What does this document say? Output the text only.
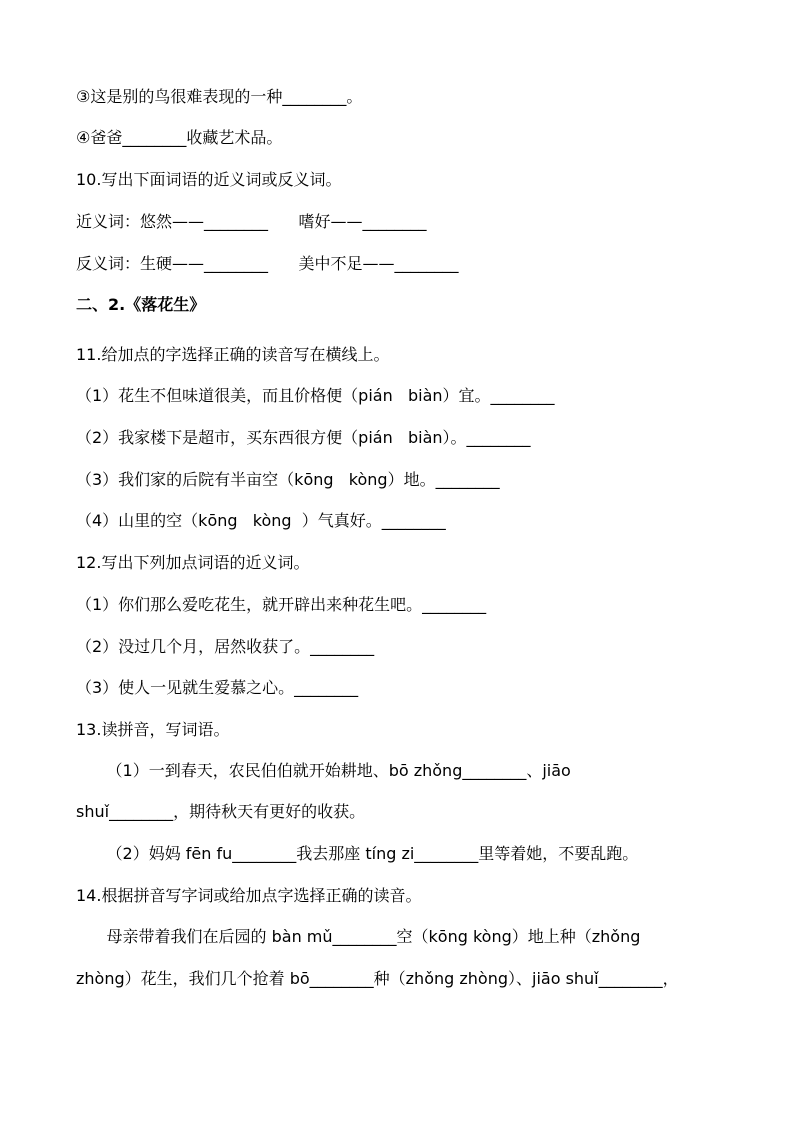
③这是别的鸟很难表现的一种________。
④爸爸________收藏艺术品。
10.写出下面词语的近义词或反义词。
近义词：悠然——________      嗜好——________
反义词：生硬——________      美中不足——________
二、2.《落花生》
11.给加点的字选择正确的读音写在横线上。
（1）花生不但味道很美，而且价格便（pián   biàn）宜。________
（2）我家楼下是超市，买东西很方便（pián   biàn）。________
（3）我们家的后院有半亩空（kōng   kòng）地。________
（4）山里的空（kōng   kòng  ）气真好。________
12.写出下列加点词语的近义词。
（1）你们那么爱吃花生，就开辟出来种花生吧。________
（2）没过几个月，居然收获了。________
（3）使人一见就生爱慕之心。________
13.读拼音，写词语。
（1）一到春天，农民伯伯就开始耕地、bō zhǒng________、jiāo
shuǐ________，期待秋天有更好的收获。
（2）妈妈 fēn fu________我去那座 tíng zi________里等着她，不要乱跑。
14.根据拼音写字词或给加点字选择正确的读音。
母亲带着我们在后园的 bàn mǔ________空（kōng kòng）地上种（zhǒng
zhòng）花生，我们几个抢着 bō________种（zhǒng zhòng）、jiāo shuǐ________，
